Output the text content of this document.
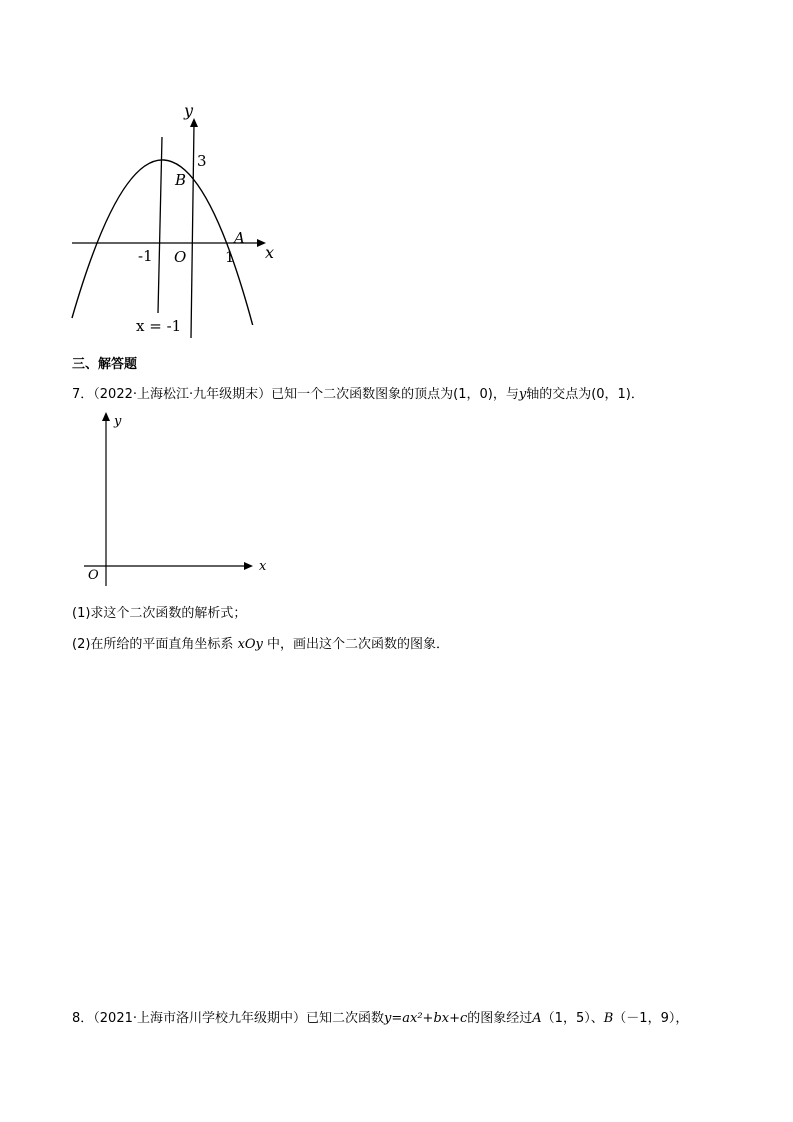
y
x
B
3
A
-1 O	1
x = -1
三、解答题
7．（2022·上海松江·九年级期末）已知一个二次函数图象的顶点为(1，0)，与y轴的交点为(0，1)．
y
x
O
(1)求这个二次函数的解析式；
(2)在所给的平面直角坐标系 xOy 中，画出这个二次函数的图象．
8．（2021·上海市洛川学校九年级期中）已知二次函数y=ax²+bx+c的图象经过A（1，5）、B（－1，9），
